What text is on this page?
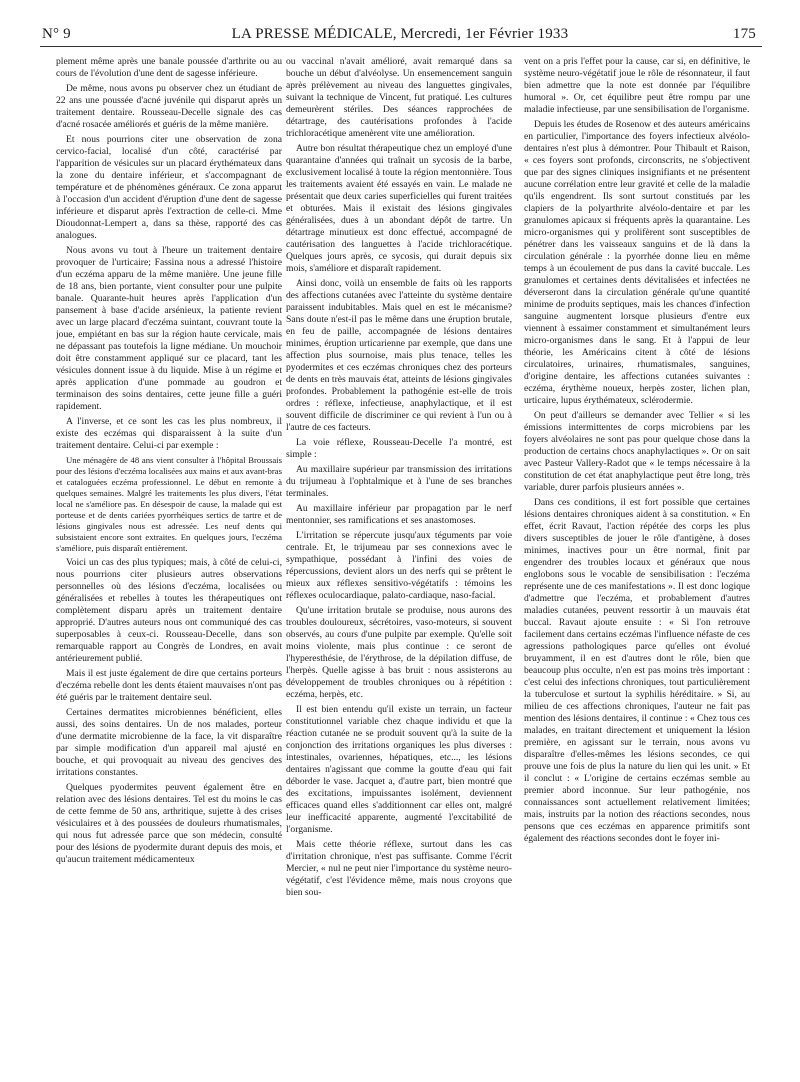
LA PRESSE MÉDICALE, Mercredi, 1er Février 1933
N° 9	175

plement même après une banale poussée d'arthrite ou au cours de l'évolution d'une dent de sagesse inférieure.

De même, nous avons pu observer chez un étudiant de 22 ans une poussée d'acné juvénile qui disparut après un traitement dentaire. Rousseau-Decelle signale des cas d'acné rosacée améliorés et guéris de la même manière.

Et nous pourrions citer une observation de zona cervico-facial, localisé d'un côté, caractérisé par l'apparition de vésicules sur un placard érythémateux dans la zone du dentaire inférieur, et s'accompagnant de température et de phénomènes généraux. Ce zona apparut à l'occasion d'un accident d'éruption d'une dent de sagesse inférieure et disparut après l'extraction de celle-ci. Mme Dioudonnat-Lempert a, dans sa thèse, rapporté des cas analogues.

Nous avons vu tout à l'heure un traitement dentaire provoquer de l'urticaire; Fassina nous a adressé l'histoire d'un eczéma apparu de la même manière. Une jeune fille de 18 ans, bien portante, vient consulter pour une pulpite banale. Quarante-huit heures après l'application d'un pansement à base d'acide arsénieux, la patiente revient avec un large placard d'eczéma suintant, couvrant toute la joue, empiétant en bas sur la région haute cervicale, mais ne dépassant pas toutefois la ligne médiane. Un mouchoir doit être constamment appliqué sur ce placard, tant les vésicules donnent issue à du liquide. Mise à un régime et après application d'une pommade au goudron et terminaison des soins dentaires, cette jeune fille a guéri rapidement.

A l'inverse, et ce sont les cas les plus nombreux, il existe des eczémas qui disparaissent à la suite d'un traitement dentaire. Celui-ci par exemple :

Une ménagère de 48 ans vient consulter à l'hôpital Broussais pour des lésions d'eczéma localisées aux mains et aux avant-bras et cataloguées eczéma professionnel. Le début en remonte à quelques semaines. Malgré les traitements les plus divers, l'état local ne s'améliore pas. En désespoir de cause, la malade qui est porteuse et de dents cariées pyorrhéiques sertics de tartre et de lésions gingivales nous est adressée. Les neuf dents qui subsistaient encore sont extraites. En quelques jours, l'eczéma s'améliore, puis disparaît entièrement.

Voici un cas des plus typiques; mais, à côté de celui-ci, nous pourrions citer plusieurs autres observations personnelles où des lésions d'eczéma, localisées ou généralisées et rebelles à toutes les thérapeutiques ont complètement disparu après un traitement dentaire approprié. D'autres auteurs nous ont communiqué des cas superposables à ceux-ci. Rousseau-Decelle, dans son remarquable rapport au Congrès de Londres, en avait antérieurement publié.

Mais il est juste également de dire que certains porteurs d'eczéma rebelle dont les dents étaient mauvaises n'ont pas été guéris par le traitement dentaire seul.

Certaines dermatites microbiennes bénéficient, elles aussi, des soins dentaires. Un de nos malades, porteur d'une dermatite microbienne de la face, la vit disparaître par simple modification d'un appareil mal ajusté en bouche, et qui provoquait au niveau des gencives des irritations constantes.

Quelques pyodermites peuvent également être en relation avec des lésions dentaires. Tel est du moins le cas de cette femme de 50 ans, arthritique, sujette à des crises vésiculaires et à des poussées de douleurs rhumatismales, qui nous fut adressée parce que son médecin, consulté pour des lésions de pyodermite durant depuis des mois, et qu'aucun traitement médicamenteux

ou vaccinal n'avait amélioré, avait remarqué dans sa bouche un début d'alvéolyse. Un ensemencement sanguin après prélèvement au niveau des languettes gingivales, suivant la technique de Vincent, fut pratiqué. Les cultures demeurèrent stériles. Des séances rapprochées de détartrage, des cautérisations profondes à l'acide trichloracétique amenèrent vite une amélioration.

Autre bon résultat thérapeutique chez un employé d'une quarantaine d'années qui traînait un sycosis de la barbe, exclusivement localisé à toute la région mentonnière. Tous les traitements avaient été essayés en vain. Le malade ne présentait que deux caries superficielles qui furent traitées et obturées. Mais il existait des lésions gingivales généralisées, dues à un abondant dépôt de tartre. Un détartrage minutieux est donc effectué, accompagné de cautérisation des languettes à l'acide trichloracétique. Quelques jours après, ce sycosis, qui durait depuis six mois, s'améliore et disparaît rapidement.

Ainsi donc, voilà un ensemble de faits où les rapports des affections cutanées avec l'atteinte du système dentaire paraissent indubitables. Mais quel en est le mécanisme? Sans doute n'est-il pas le même dans une éruption brutale, en feu de paille, accompagnée de lésions dentaires minimes, éruption urticarienne par exemple, que dans une affection plus sournoise, mais plus tenace, telles les pyodermites et ces eczémas chroniques chez des porteurs de dents en très mauvais état, atteints de lésions gingivales profondes. Probablement la pathogénie est-elle de trois ordres : réflexe, infectieuse, anaphylactique, et il est souvent difficile de discriminer ce qui revient à l'un ou à l'autre de ces facteurs.

La voie réflexe, Rousseau-Decelle l'a montré, est simple :

Au maxillaire supérieur par transmission des irritations du trijumeau à l'ophtalmique et à l'une de ses branches terminales.

Au maxillaire inférieur par propagation par le nerf mentonnier, ses ramifications et ses anastomoses.

L'irritation se répercute jusqu'aux téguments par voie centrale. Et, le trijumeau par ses connexions avec le sympathique, possédant à l'infini des voies de répercussions, devient alors un des nerfs qui se prêtent le mieux aux réflexes sensitivo-végétatifs : témoins les réflexes oculocardiaque, palato-cardiaque, naso-facial.

Qu'une irritation brutale se produise, nous aurons des troubles douloureux, sécrétoires, vaso-moteurs, si souvent observés, au cours d'une pulpite par exemple. Qu'elle soit moins violente, mais plus continue : ce seront de l'hyperesthésie, de l'érythrose, de la dépilation diffuse, de l'herpès. Quelle agisse à bas bruit : nous assisterons au développement de troubles chroniques ou à répétition : eczéma, herpès, etc.

Il est bien entendu qu'il existe un terrain, un facteur constitutionnel variable chez chaque individu et que la réaction cutanée ne se produit souvent qu'à la suite de la conjonction des irritations organiques les plus diverses : intestinales, ovariennes, hépatiques, etc..., les lésions dentaires n'agissant que comme la goutte d'eau qui fait déborder le vase. Jacquet a, d'autre part, bien montré que des excitations, impuissantes isolément, deviennent efficaces quand elles s'additionnent car elles ont, malgré leur inefficacité apparente, augmenté l'excitabilité de l'organisme.

Mais cette théorie réflexe, surtout dans les cas d'irritation chronique, n'est pas suffisante. Comme l'écrit Mercier, « nul ne peut nier l'importance du système neuro-végétatif, c'est l'évidence même, mais nous croyons que bien sou-

vent on a pris l'effet pour la cause, car si, en définitive, le système neuro-végétatif joue le rôle de résonnateur, il faut bien admettre que la note est donnée par l'équilibre humoral ». Or, cet équilibre peut être rompu par une maladie infectieuse, par une sensibilisation de l'organisme.

Depuis les études de Rosenow et des auteurs américains en particulier, l'importance des foyers infectieux alvéolo-dentaires n'est plus à démontrer. Pour Thibault et Raison, « ces foyers sont profonds, circonscrits, ne s'objectivent que par des signes cliniques insignifiants et ne présentent aucune corrélation entre leur gravité et celle de la maladie qu'ils engendrent. Ils sont surtout constitués par les clapiers de la polyarthrite alvéolo-dentaire et par les granulomes apicaux si fréquents après la quarantaine. Les micro-organismes qui y prolifèrent sont susceptibles de pénétrer dans les vaisseaux sanguins et de là dans la circulation générale : la pyorrhée donne lieu en même temps à un écoulement de pus dans la cavité buccale. Les granulomes et certaines dents dévitalisées et infectées ne déverseront dans la circulation générale qu'une quantité minime de produits septiques, mais les chances d'infection sanguine augmentent lorsque plusieurs d'entre eux viennent à essaimer constamment et simultanément leurs micro-organismes dans le sang. Et à l'appui de leur théorie, les Américains citent à côté de lésions circulatoires, urinaires, rhumatismales, sanguines, d'origine dentaire, les affections cutanées suivantes : eczéma, érythème noueux, herpès zoster, lichen plan, urticaire, lupus érythémateux, sclérodermie.

On peut d'ailleurs se demander avec Tellier « si les émissions intermittentes de corps microbiens par les foyers alvéolaires ne sont pas pour quelque chose dans la production de certains chocs anaphylactiques ». Or on sait avec Pasteur Vallery-Radot que « le temps nécessaire à la constitution de cet état anaphylactique peut être long, très variable, durer parfois plusieurs années ».

Dans ces conditions, il est fort possible que certaines lésions dentaires chroniques aident à sa constitution. « En effet, écrit Ravaut, l'action répétée des corps les plus divers susceptibles de jouer le rôle d'antigène, à doses minimes, inactives pour un être normal, finit par engendrer des troubles locaux et généraux que nous englobons sous le vocable de sensibilisation : l'eczéma représente une de ces manifestations ». Il est donc logique d'admettre que l'eczéma, et probablement d'autres maladies cutanées, peuvent ressortir à un mauvais état buccal. Ravaut ajoute ensuite : « Si l'on retrouve facilement dans certains eczémas l'influence néfaste de ces agressions pathologiques parce qu'elles ont évolué bruyamment, il en est d'autres dont le rôle, bien que beaucoup plus occulte, n'en est pas moins très important : c'est celui des infections chroniques, tout particulièrement la tuberculose et surtout la syphilis héréditaire. » Si, au milieu de ces affections chroniques, l'auteur ne fait pas mention des lésions dentaires, il continue : « Chez tous ces malades, en traitant directement et uniquement la lésion première, en agissant sur le terrain, nous avons vu disparaître d'elles-mêmes les lésions secondes, ce qui prouve une fois de plus la nature du lien qui les unit. » Et il conclut : « L'origine de certains eczémas semble au premier abord inconnue. Sur leur pathogénie, nos connaissances sont actuellement relativement limitées; mais, instruits par la notion des réactions secondes, nous pensons que ces eczémas en apparence primitifs sont également des réactions secondes dont le foyer ini-
